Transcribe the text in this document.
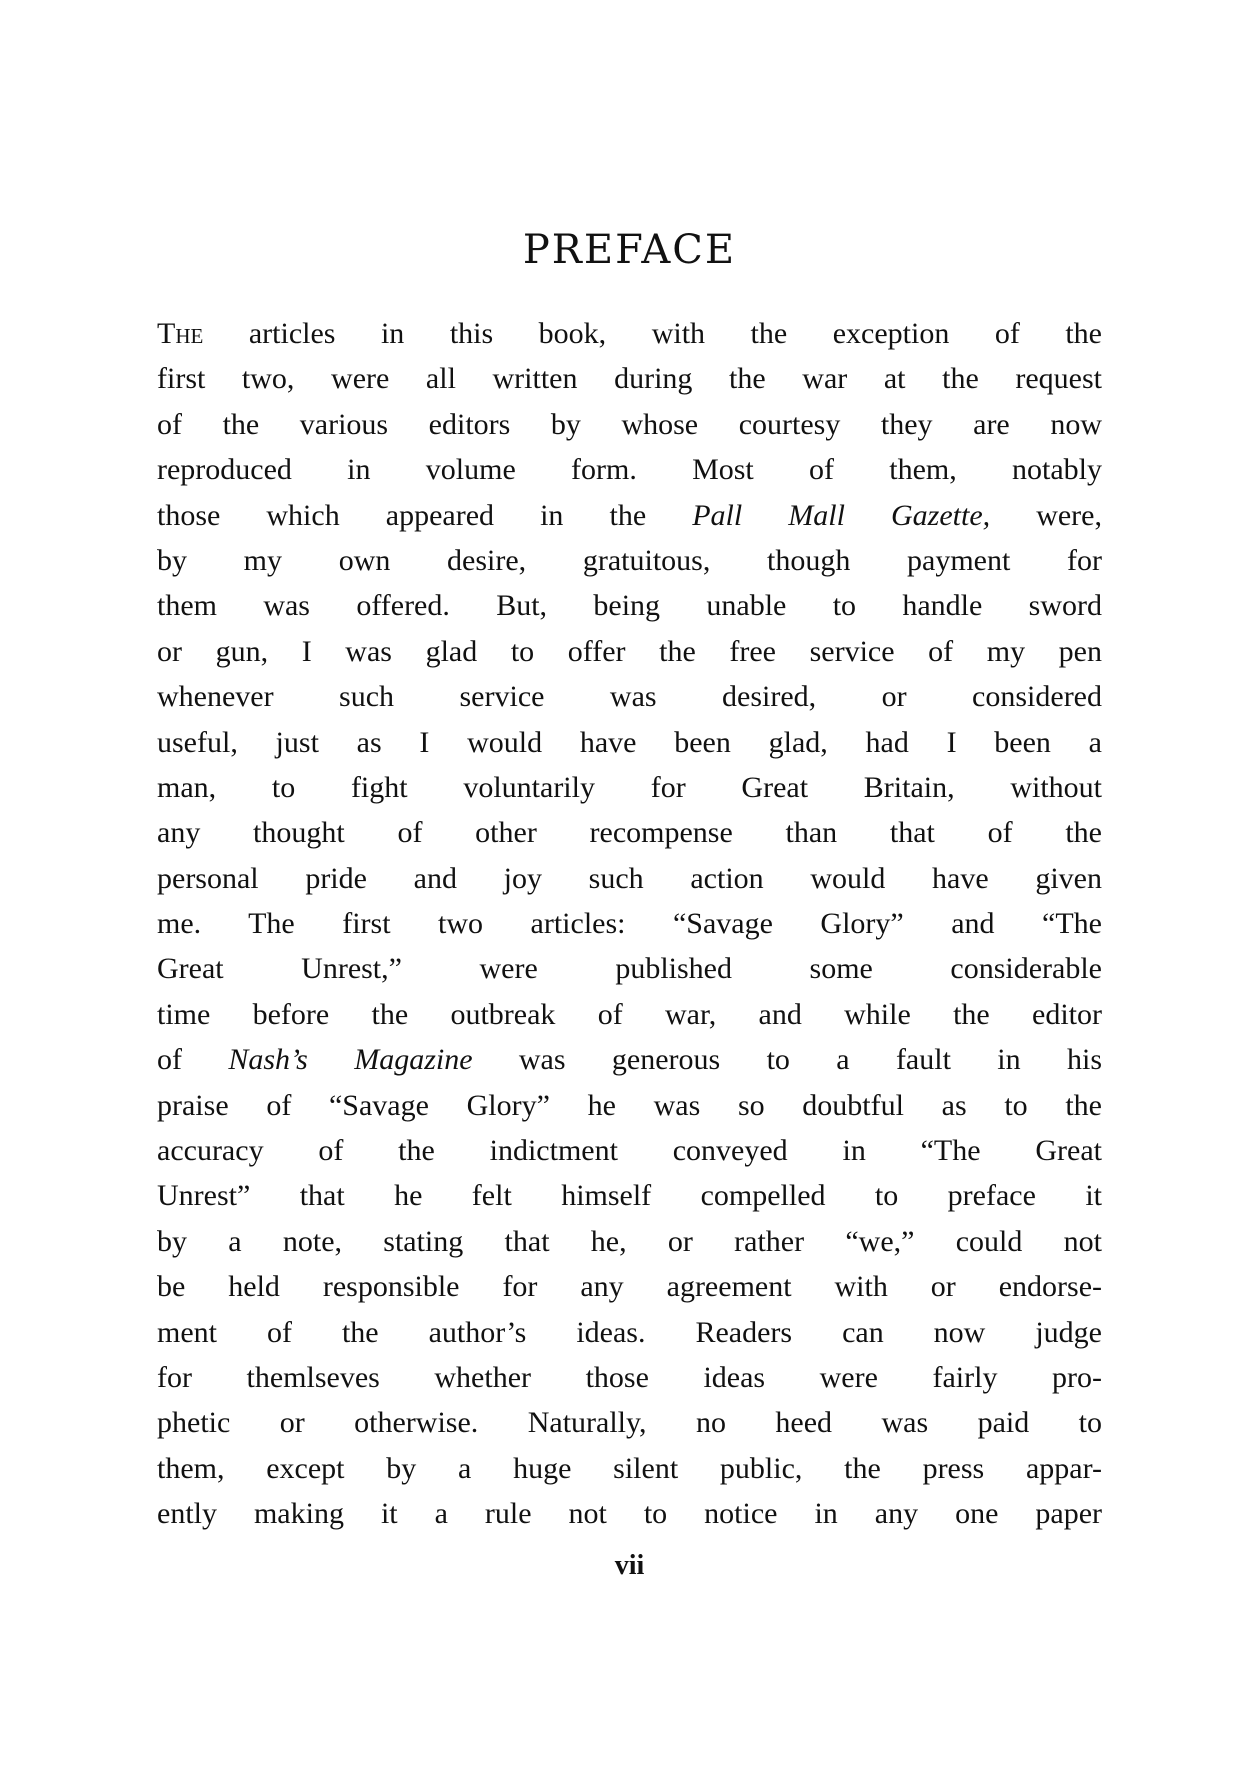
PREFACE
The articles in this book, with the exception of the
first two, were all written during the war at the request
of the various editors by whose courtesy they are now
reproduced in volume form. Most of them, notably
those which appeared in the Pall Mall Gazette, were,
by my own desire, gratuitous, though payment for
them was offered. But, being unable to handle sword
or gun, I was glad to offer the free service of my pen
whenever such service was desired, or considered
useful, just as I would have been glad, had I been a
man, to fight voluntarily for Great Britain, without
any thought of other recompense than that of the
personal pride and joy such action would have given
me. The first two articles: “Savage Glory” and “The
Great Unrest,” were published some considerable
time before the outbreak of war, and while the editor
of Nash’s Magazine was generous to a fault in his
praise of “Savage Glory” he was so doubtful as to the
accuracy of the indictment conveyed in “The Great
Unrest” that he felt himself compelled to preface it
by a note, stating that he, or rather “we,” could not
be held responsible for any agreement with or endorse-
ment of the author’s ideas. Readers can now judge
for themlseves whether those ideas were fairly pro-
phetic or otherwise. Naturally, no heed was paid to
them, except by a huge silent public, the press appar-
ently making it a rule not to notice in any one paper
vii
